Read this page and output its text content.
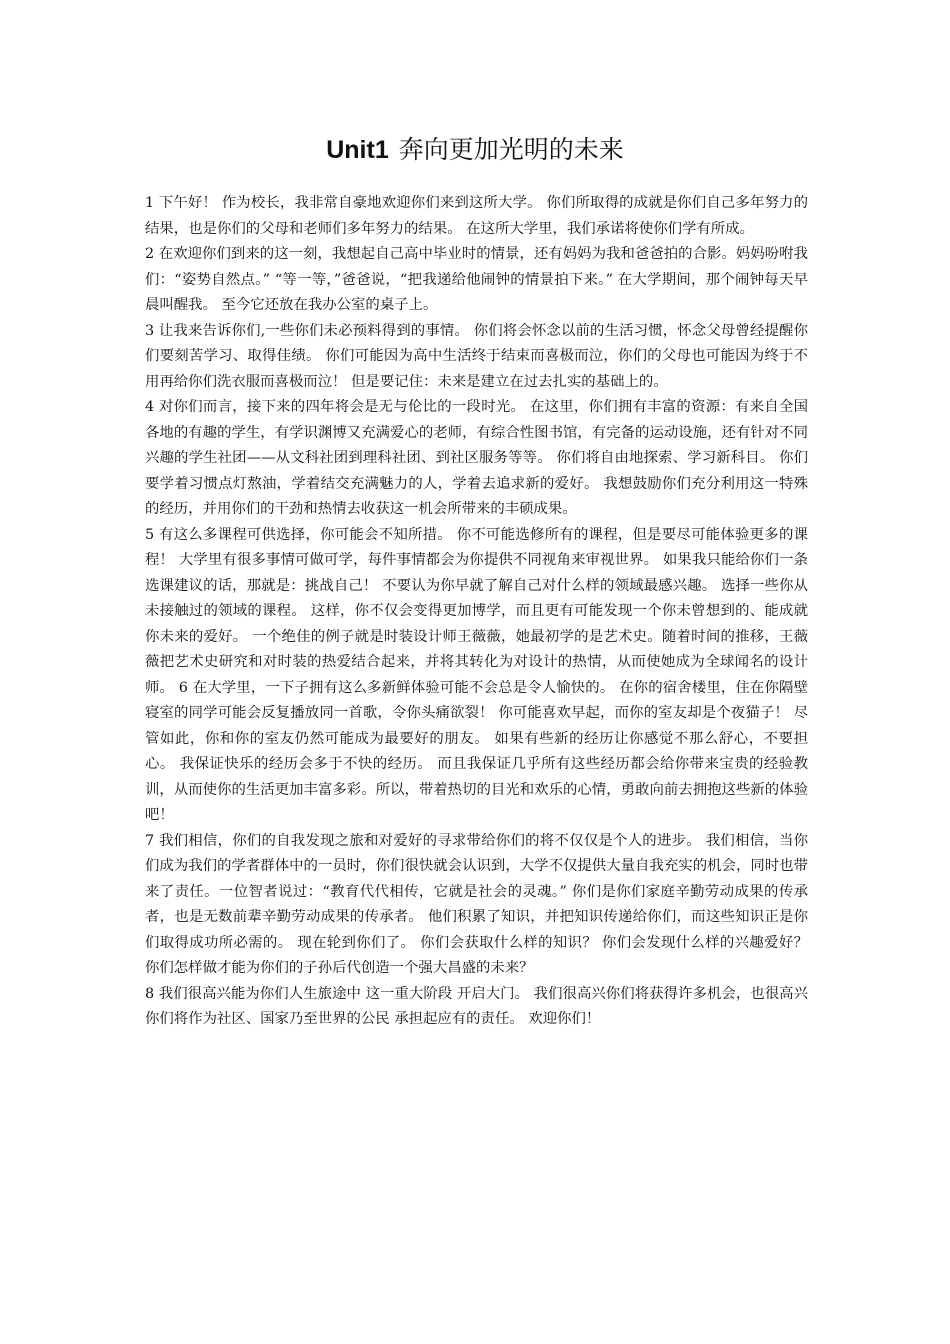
Unit1 奔向更加光明的未来

1 下午好！ 作为校长，我非常自豪地欢迎你们来到这所大学。 你们所取得的成就是你们自己多年努力的结果，也是你们的父母和老师们多年努力的结果。 在这所大学里，我们承诺将使你们学有所成。

2 在欢迎你们到来的这一刻，我想起自己高中毕业时的情景，还有妈妈为我和爸爸拍的合影。妈妈吩咐我们：“姿势自然点。” “等一等，”爸爸说，“把我递给他闹钟的情景拍下来。” 在大学期间，那个闹钟每天早晨叫醒我。 至今它还放在我办公室的桌子上。

3 让我来告诉你们,一些你们未必预料得到的事情。 你们将会怀念以前的生活习惯，怀念父母曾经提醒你们要刻苦学习、取得佳绩。 你们可能因为高中生活终于结束而喜极而泣，你们的父母也可能因为终于不用再给你们洗衣服而喜极而泣！ 但是要记住：未来是建立在过去扎实的基础上的。

4 对你们而言，接下来的四年将会是无与伦比的一段时光。 在这里，你们拥有丰富的资源：有来自全国各地的有趣的学生，有学识渊博又充满爱心的老师，有综合性图书馆，有完备的运动设施，还有针对不同兴趣的学生社团——从文科社团到理科社团、到社区服务等等。 你们将自由地探索、学习新科目。 你们要学着习惯点灯熬油，学着结交充满魅力的人，学着去追求新的爱好。 我想鼓励你们充分利用这一特殊的经历，并用你们的干劲和热情去收获这一机会所带来的丰硕成果。

5 有这么多课程可供选择，你可能会不知所措。 你不可能选修所有的课程，但是要尽可能体验更多的课程！ 大学里有很多事情可做可学，每件事情都会为你提供不同视角来审视世界。 如果我只能给你们一条选课建议的话，那就是：挑战自己！ 不要认为你早就了解自己对什么样的领域最感兴趣。 选择一些你从未接触过的领域的课程。 这样，你不仅会变得更加博学，而且更有可能发现一个你未曾想到的、能成就你未来的爱好。 一个绝佳的例子就是时装设计师王薇薇，她最初学的是艺术史。随着时间的推移，王薇薇把艺术史研究和对时装的热爱结合起来，并将其转化为对设计的热情，从而使她成为全球闻名的设计师。 6 在大学里，一下子拥有这么多新鲜体验可能不会总是令人愉快的。 在你的宿舍楼里，住在你隔壁寝室的同学可能会反复播放同一首歌，令你头痛欲裂！ 你可能喜欢早起，而你的室友却是个夜猫子！ 尽管如此，你和你的室友仍然可能成为最要好的朋友。 如果有些新的经历让你感觉不那么舒心，不要担心。 我保证快乐的经历会多于不快的经历。 而且我保证几乎所有这些经历都会给你带来宝贵的经验教训，从而使你的生活更加丰富多彩。所以，带着热切的目光和欢乐的心情，勇敢向前去拥抱这些新的体验吧！

7 我们相信，你们的自我发现之旅和对爱好的寻求带给你们的将不仅仅是个人的进步。 我们相信，当你们成为我们的学者群体中的一员时，你们很快就会认识到，大学不仅提供大量自我充实的机会，同时也带来了责任。一位智者说过：“教育代代相传，它就是社会的灵魂。” 你们是你们家庭辛勤劳动成果的传承者，也是无数前辈辛勤劳动成果的传承者。 他们积累了知识，并把知识传递给你们，而这些知识正是你们取得成功所必需的。 现在轮到你们了。 你们会获取什么样的知识？ 你们会发现什么样的兴趣爱好？ 你们怎样做才能为你们的子孙后代创造一个强大昌盛的未来？

8 我们很高兴能为你们人生旅途中 这一重大阶段 开启大门。 我们很高兴你们将获得许多机会，也很高兴你们将作为社区、国家乃至世界的公民 承担起应有的责任。 欢迎你们！
